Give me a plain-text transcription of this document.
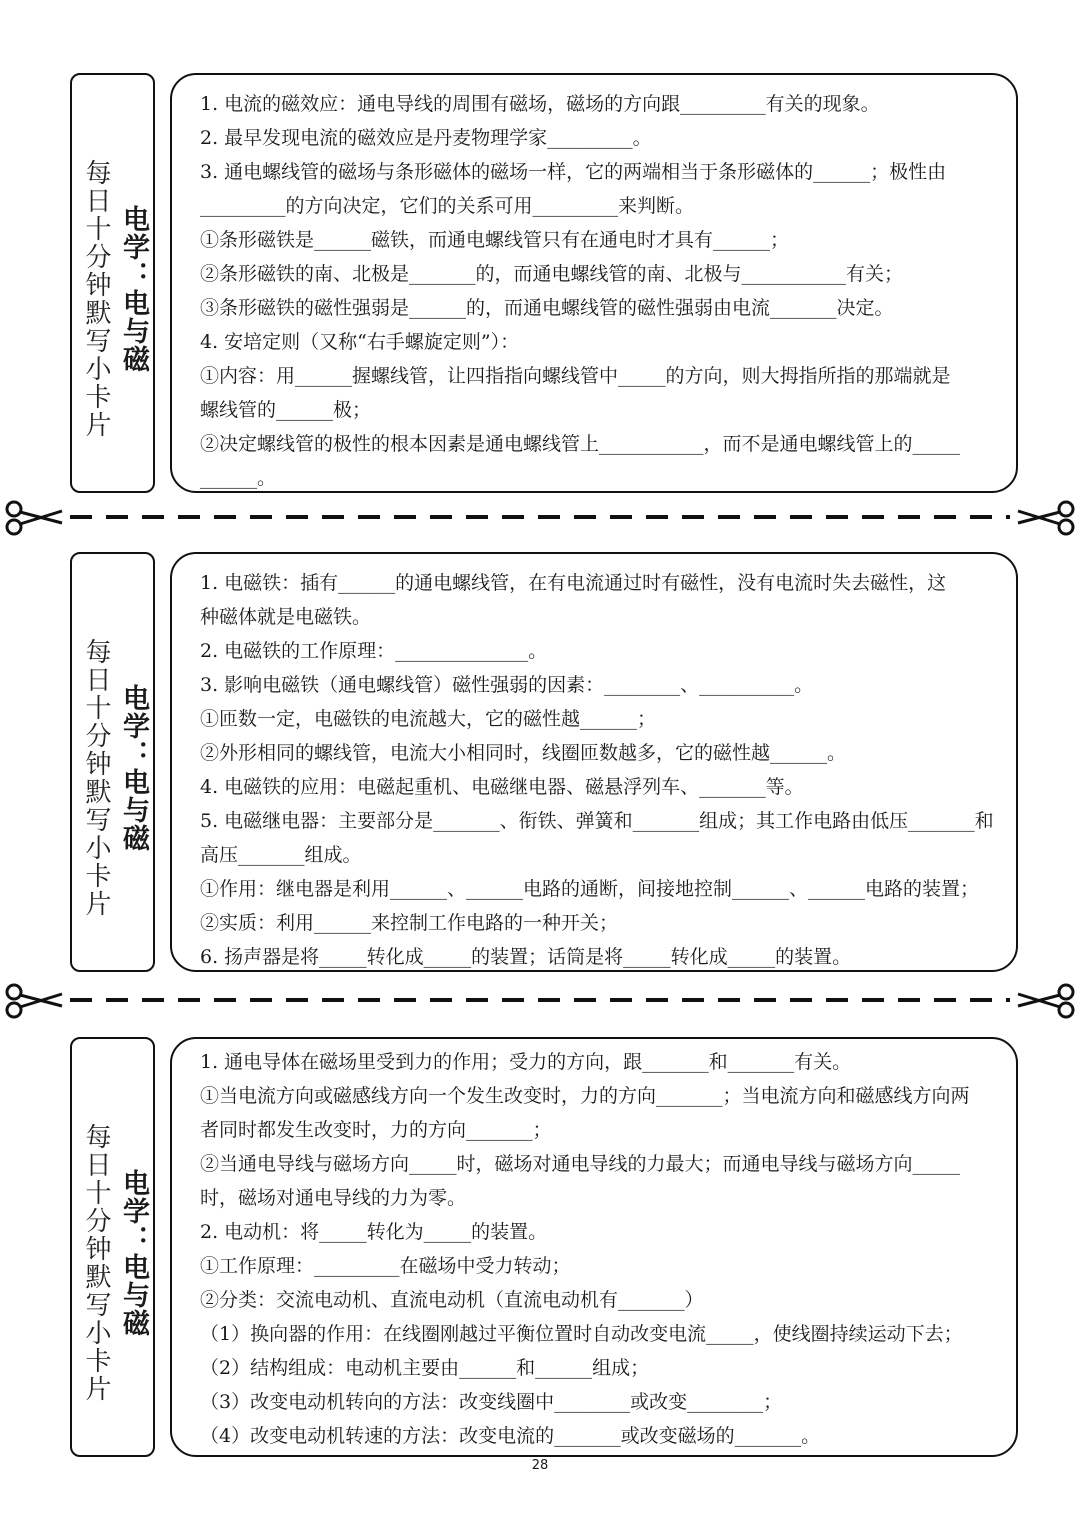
每日十分钟默写小卡片 电学：电与磁
1. 电流的磁效应：通电导线的周围有磁场，磁场的方向跟_________有关的现象。
2. 最早发现电流的磁效应是丹麦物理学家_________。
3. 通电螺线管的磁场与条形磁体的磁场一样，它的两端相当于条形磁体的______；极性由
_________的方向决定，它们的关系可用_________来判断。
①条形磁铁是______磁铁，而通电螺线管只有在通电时才具有______；
②条形磁铁的南、北极是_______的，而通电螺线管的南、北极与___________有关；
③条形磁铁的磁性强弱是______的，而通电螺线管的磁性强弱由电流_______决定。
4. 安培定则（又称“右手螺旋定则”）：
①内容：用______握螺线管，让四指指向螺线管中_____的方向，则大拇指所指的那端就是
螺线管的______极；
②决定螺线管的极性的根本因素是通电螺线管上___________，而不是通电螺线管上的_____
______。
每日十分钟默写小卡片 电学：电与磁
1. 电磁铁：插有______的通电螺线管，在有电流通过时有磁性，没有电流时失去磁性，这
种磁体就是电磁铁。
2. 电磁铁的工作原理：______________。
3. 影响电磁铁（通电螺线管）磁性强弱的因素：________、__________。
①匝数一定，电磁铁的电流越大，它的磁性越______；
②外形相同的螺线管，电流大小相同时，线圈匝数越多，它的磁性越______。
4. 电磁铁的应用：电磁起重机、电磁继电器、磁悬浮列车、_______等。
5. 电磁继电器：主要部分是_______、衔铁、弹簧和_______组成；其工作电路由低压_______和
高压_______组成。
①作用：继电器是利用______、______电路的通断，间接地控制______、______电路的装置；
②实质：利用______来控制工作电路的一种开关；
6. 扬声器是将_____转化成_____的装置；话筒是将_____转化成_____的装置。
每日十分钟默写小卡片 电学：电与磁
1. 通电导体在磁场里受到力的作用；受力的方向，跟_______和_______有关。
①当电流方向或磁感线方向一个发生改变时，力的方向_______；当电流方向和磁感线方向两
者同时都发生改变时，力的方向_______；
②当通电导线与磁场方向_____时，磁场对通电导线的力最大；而通电导线与磁场方向_____
时，磁场对通电导线的力为零。
2. 电动机：将_____转化为_____的装置。
①工作原理：_________在磁场中受力转动；
②分类：交流电动机、直流电动机（直流电动机有_______）
（1）换向器的作用：在线圈刚越过平衡位置时自动改变电流_____，使线圈持续运动下去；
（2）结构组成：电动机主要由______和______组成；
（3）改变电动机转向的方法：改变线圈中________或改变________；
（4）改变电动机转速的方法：改变电流的_______或改变磁场的_______。
28
